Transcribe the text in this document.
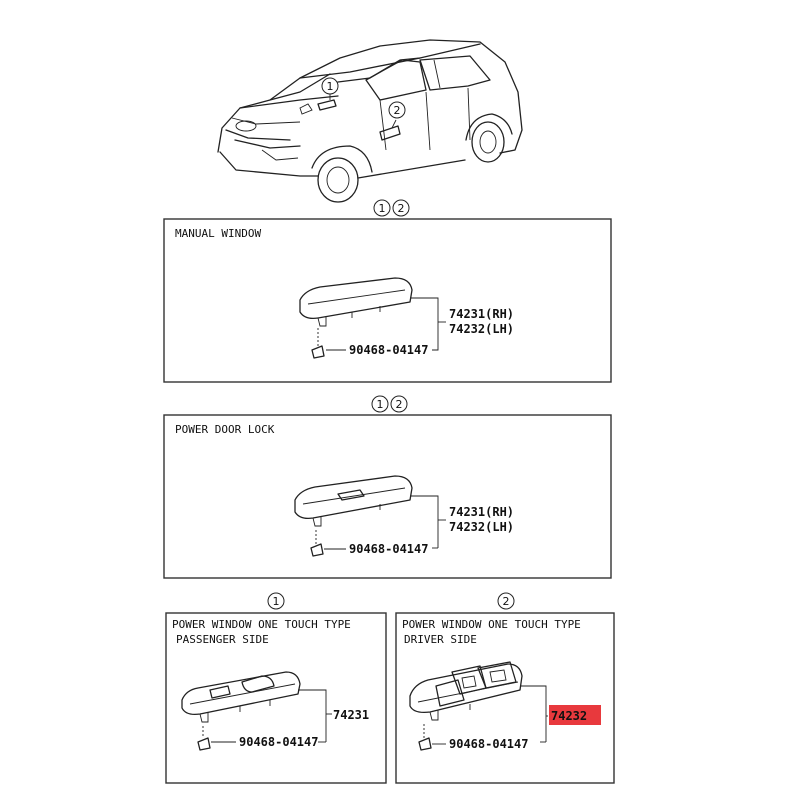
1
2
1 2
MANUAL WINDOW
74231(RH)
74232(LH)
90468-04147
1 2
POWER DOOR LOCK
74231(RH)
74232(LH)
90468-04147
1
POWER WINDOW ONE TOUCH TYPE
PASSENGER SIDE
74231
90468-04147
2
POWER WINDOW ONE TOUCH TYPE
DRIVER SIDE
74232
90468-04147
